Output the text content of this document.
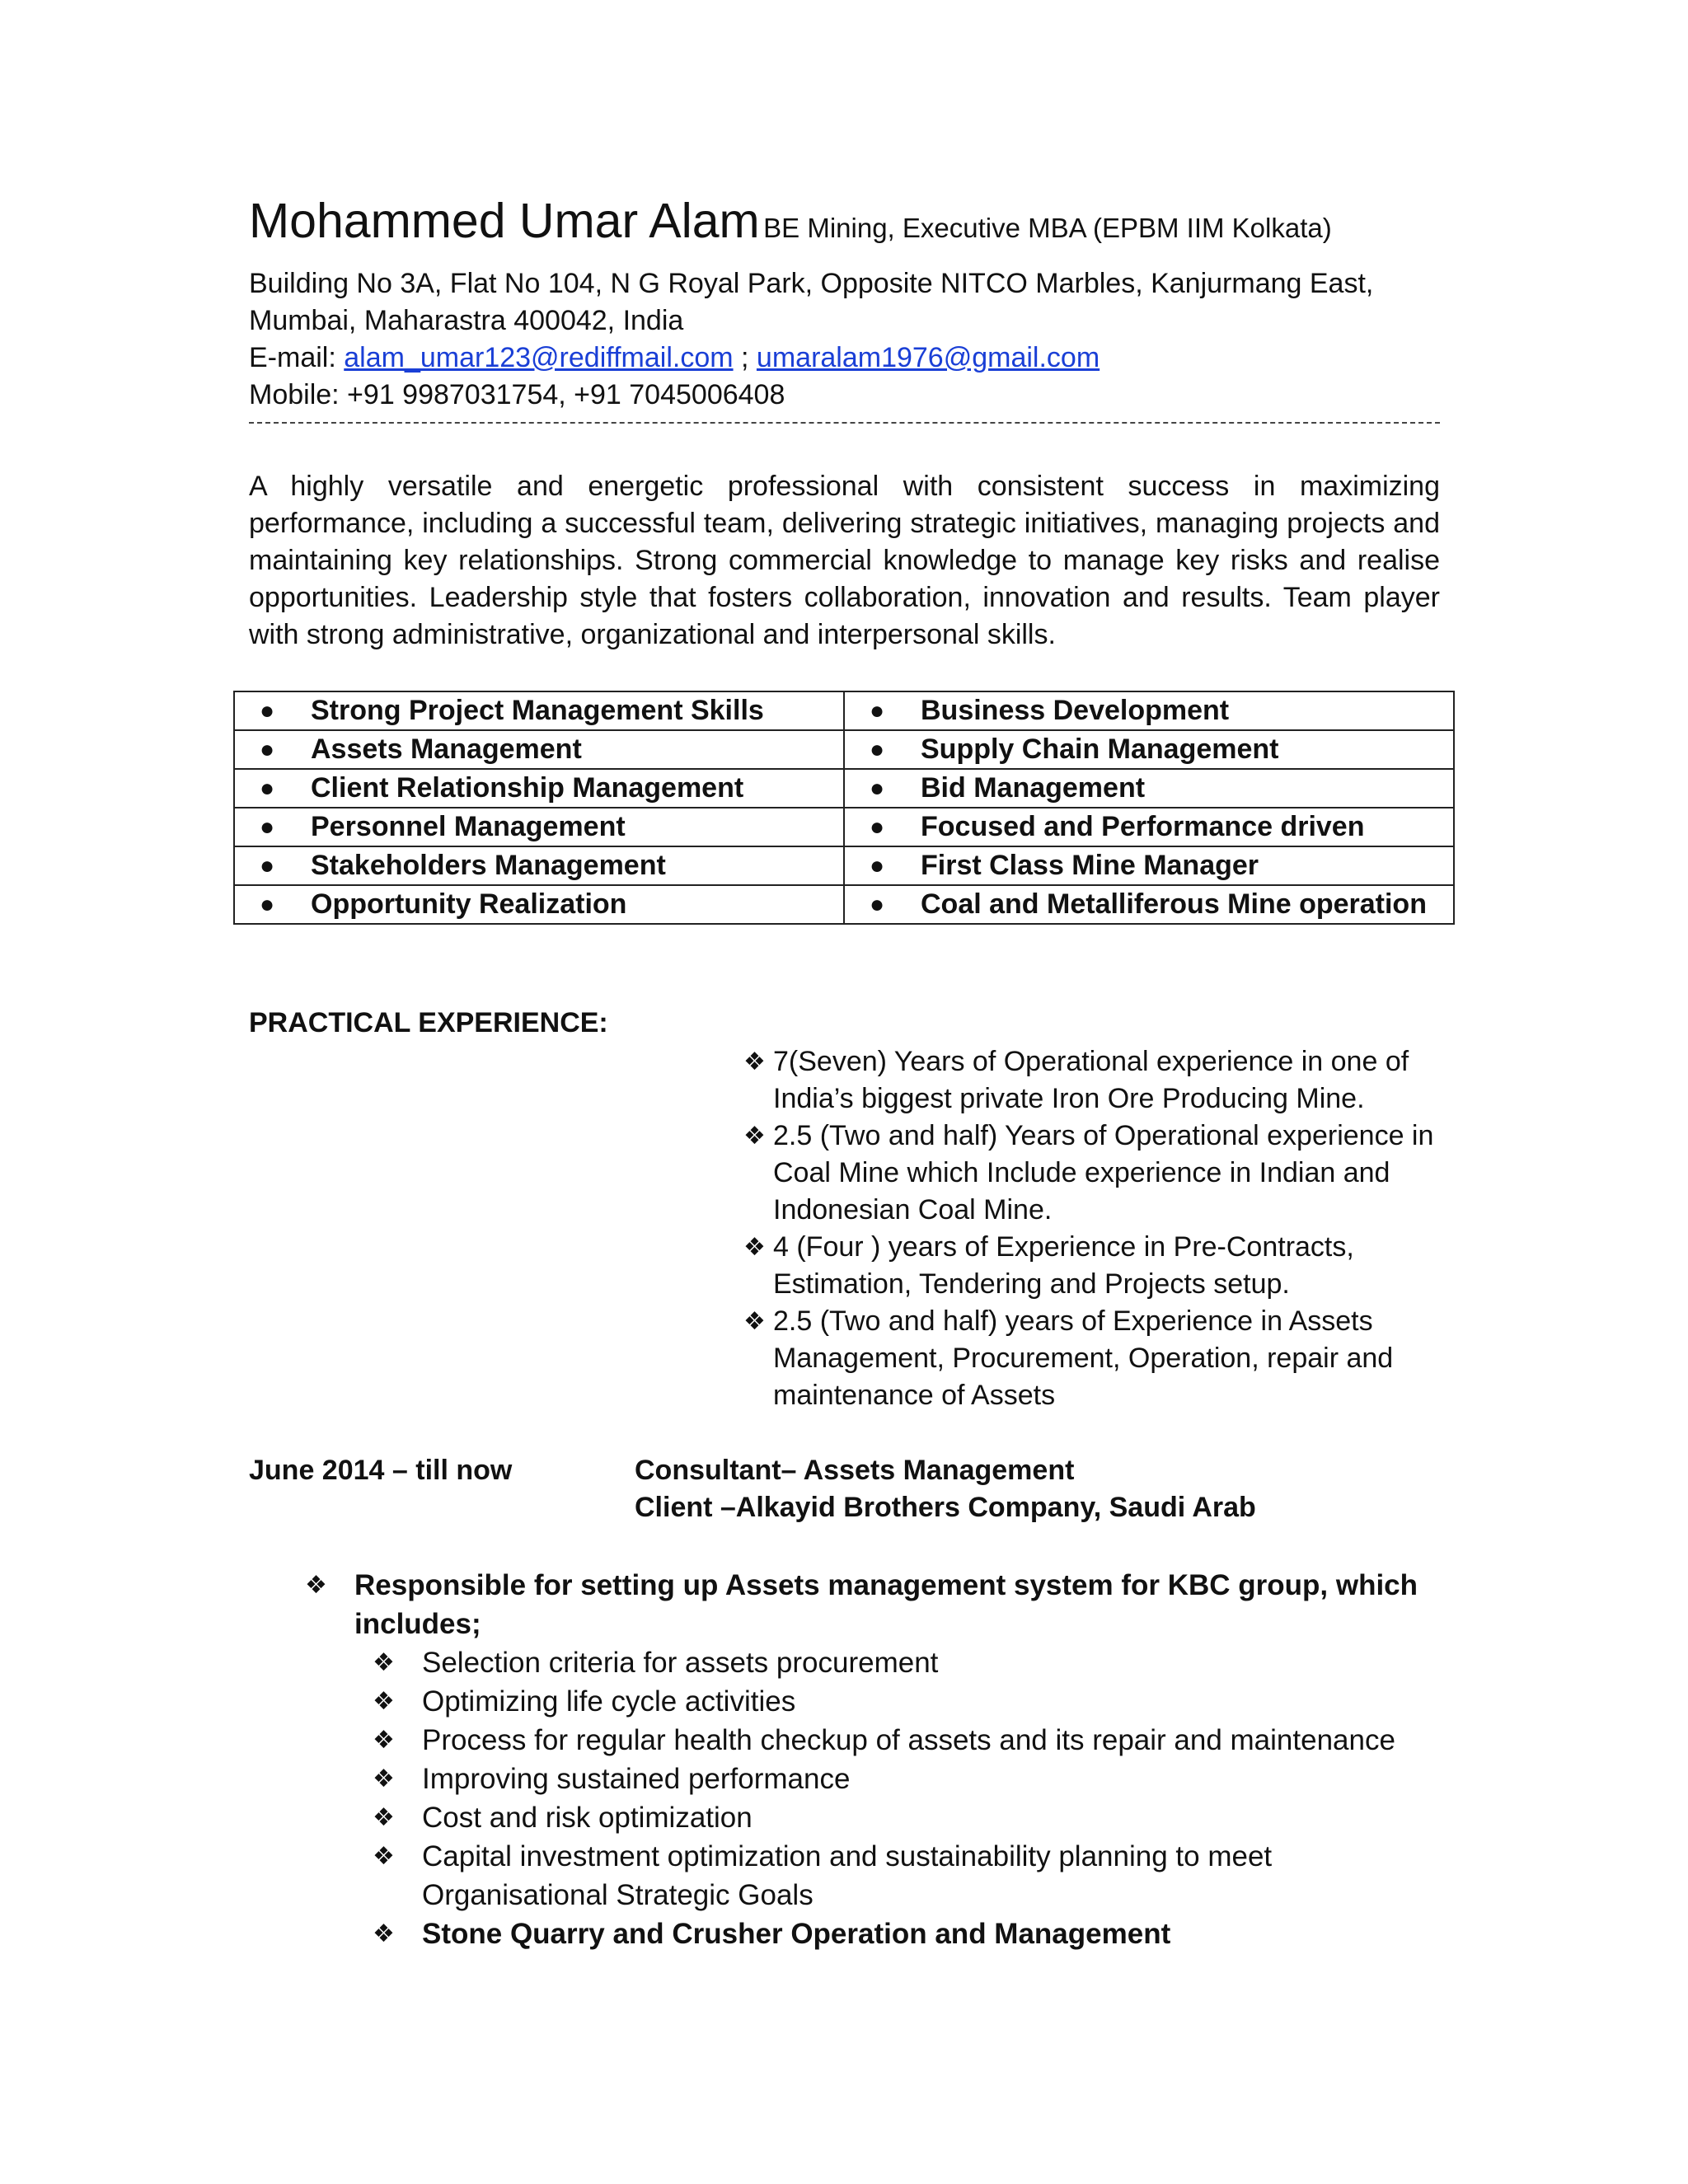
Mohammed Umar Alam BE Mining, Executive MBA (EPBM IIM Kolkata)
Building No 3A, Flat No 104, N G Royal Park, Opposite NITCO Marbles, Kanjurmang East,
Mumbai, Maharastra 400042, India
E-mail: alam_umar123@rediffmail.com ; umaralam1976@gmail.com
Mobile: +91 9987031754, +91 7045006408
A highly versatile and energetic professional with consistent success in maximizing performance, including a successful team, delivering strategic initiatives, managing projects and maintaining key relationships. Strong commercial knowledge to manage key risks and realise opportunities. Leadership style that fosters collaboration, innovation and results. Team player with strong administrative, organizational and interpersonal skills.
● Strong Project Management Skills	● Business Development

● Assets Management	● Supply Chain Management

● Client Relationship Management	● Bid Management

● Personnel Management	● Focused and Performance driven

● Stakeholders Management	● First Class Mine Manager

● Opportunity Realization	● Coal and Metalliferous Mine operation
PRACTICAL EXPERIENCE:
❖ 7(Seven) Years of Operational experience in one of India’s biggest private Iron Ore Producing Mine.
❖ 2.5 (Two and half) Years of Operational experience in Coal Mine which Include experience in Indian and Indonesian Coal Mine.
❖ 4 (Four ) years of Experience in Pre-Contracts, Estimation, Tendering and Projects setup.
❖ 2.5 (Two and half) years of Experience in Assets Management, Procurement, Operation, repair and maintenance of Assets
June 2014 – till now	Consultant– Assets Management
Client –Alkayid Brothers Company, Saudi Arab
❖ Responsible for setting up Assets management system for KBC group, which includes;
❖ Selection criteria for assets procurement
❖ Optimizing life cycle activities
❖ Process for regular health checkup of assets and its repair and maintenance
❖ Improving sustained performance
❖ Cost and risk optimization
❖ Capital investment optimization and sustainability planning to meet Organisational Strategic Goals
❖ Stone Quarry and Crusher Operation and Management
